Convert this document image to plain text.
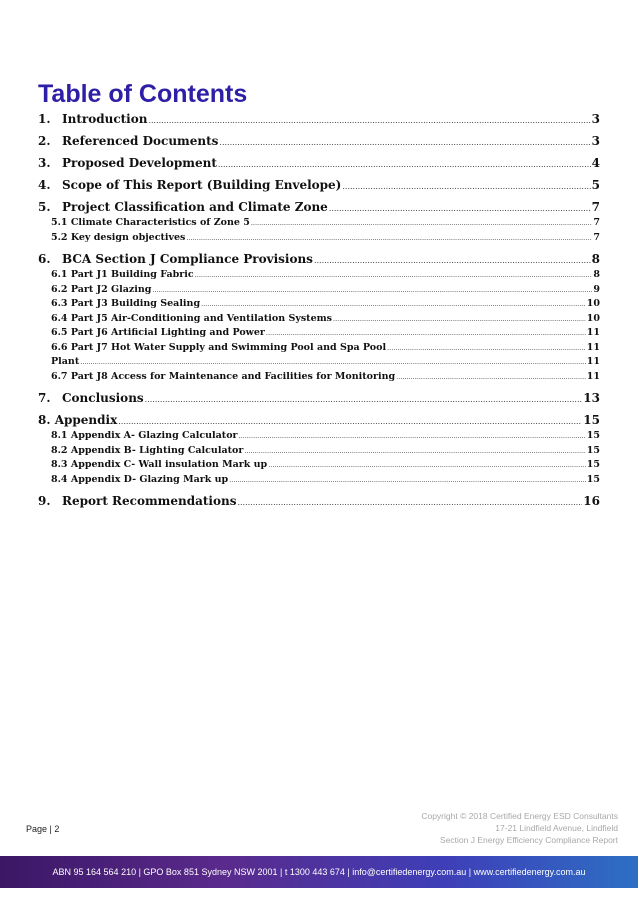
Table of Contents
1. Introduction .....	3
2. Referenced Documents .....	3
3. Proposed Development .....	4
4. Scope of This Report (Building Envelope) .....	5
5. Project Classification and Climate Zone .....	7
5.1 Climate Characteristics of Zone 5 .....	7
5.2 Key design objectives .....	7
6. BCA Section J Compliance Provisions .....	8
6.1 Part J1 Building Fabric .....	8
6.2 Part J2 Glazing .....	9
6.3 Part J3 Building Sealing .....	10
6.4 Part J5 Air-Conditioning and Ventilation Systems .....	10
6.5 Part J6 Artificial Lighting and Power .....	11
6.6 Part J7 Hot Water Supply and Swimming Pool and Spa Pool .....	11
Plant .....	11
6.7 Part J8 Access for Maintenance and Facilities for Monitoring .....	11
7. Conclusions .....	13
8. Appendix .....	15
8.1 Appendix A- Glazing Calculator .....	15
8.2 Appendix B- Lighting Calculator .....	15
8.3 Appendix C- Wall insulation Mark up .....	15
8.4 Appendix D- Glazing Mark up .....	15
9. Report Recommendations .....	16
Page | 2
Copyright © 2018 Certified Energy ESD Consultants
17-21 Lindfield Avenue, Lindfield
Section J Energy Efficiency Compliance Report
ABN 95 164 564 210 | GPO Box 851 Sydney NSW 2001 | t 1300 443 674 | info@certifiedenergy.com.au | www.certifiedenergy.com.au
